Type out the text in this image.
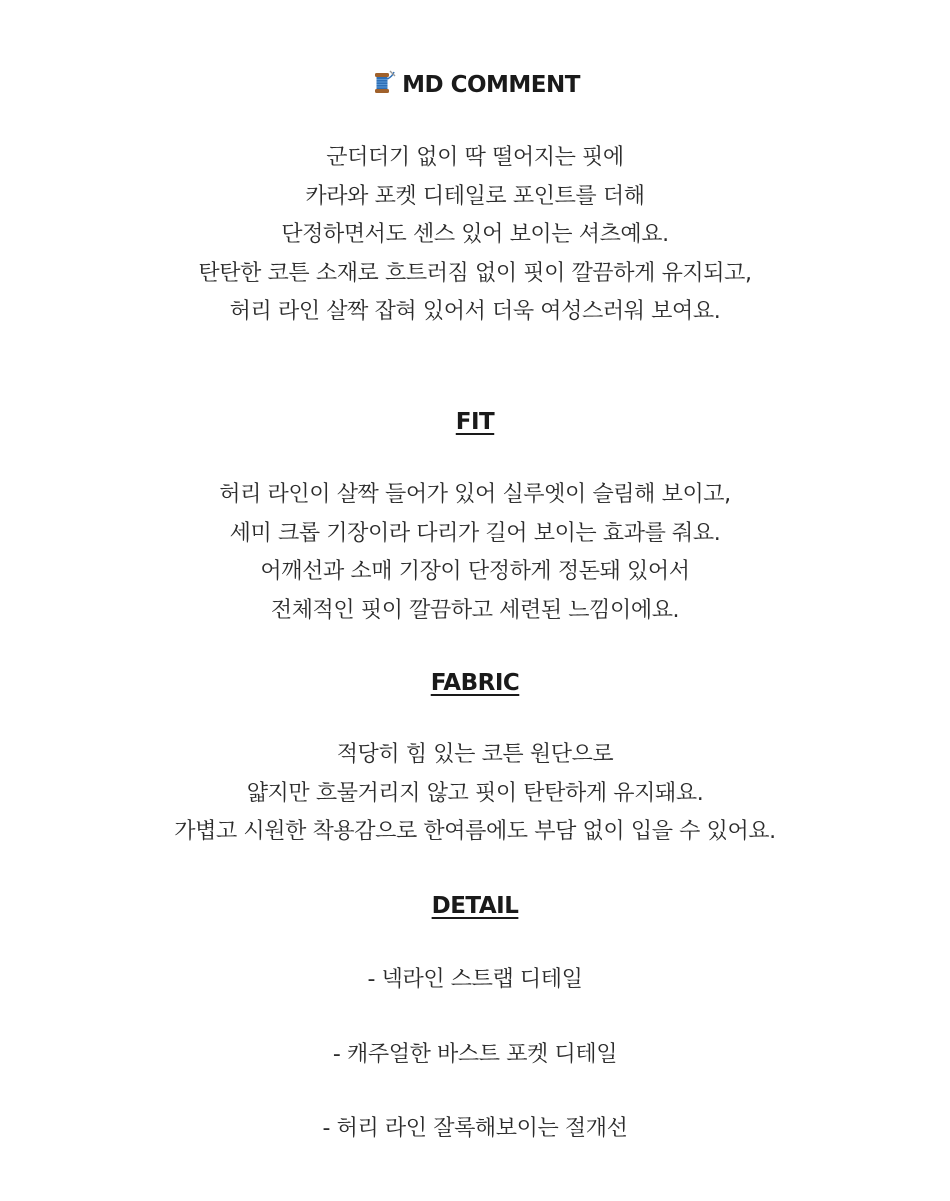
MD COMMENT

군더더기 없이 딱 떨어지는 핏에
카라와 포켓 디테일로 포인트를 더해
단정하면서도 센스 있어 보이는 셔츠예요.
탄탄한 코튼 소재로 흐트러짐 없이 핏이 깔끔하게 유지되고,
허리 라인 살짝 잡혀 있어서 더욱 여성스러워 보여요.

FIT

허리 라인이 살짝 들어가 있어 실루엣이 슬림해 보이고,
세미 크롭 기장이라 다리가 길어 보이는 효과를 줘요.
어깨선과 소매 기장이 단정하게 정돈돼 있어서
전체적인 핏이 깔끔하고 세련된 느낌이에요.

FABRIC

적당히 힘 있는 코튼 원단으로
얇지만 흐물거리지 않고 핏이 탄탄하게 유지돼요.
가볍고 시원한 착용감으로 한여름에도 부담 없이 입을 수 있어요.

DETAIL

- 넥라인 스트랩 디테일

- 캐주얼한 바스트 포켓 디테일

- 허리 라인 잘록해보이는 절개선
